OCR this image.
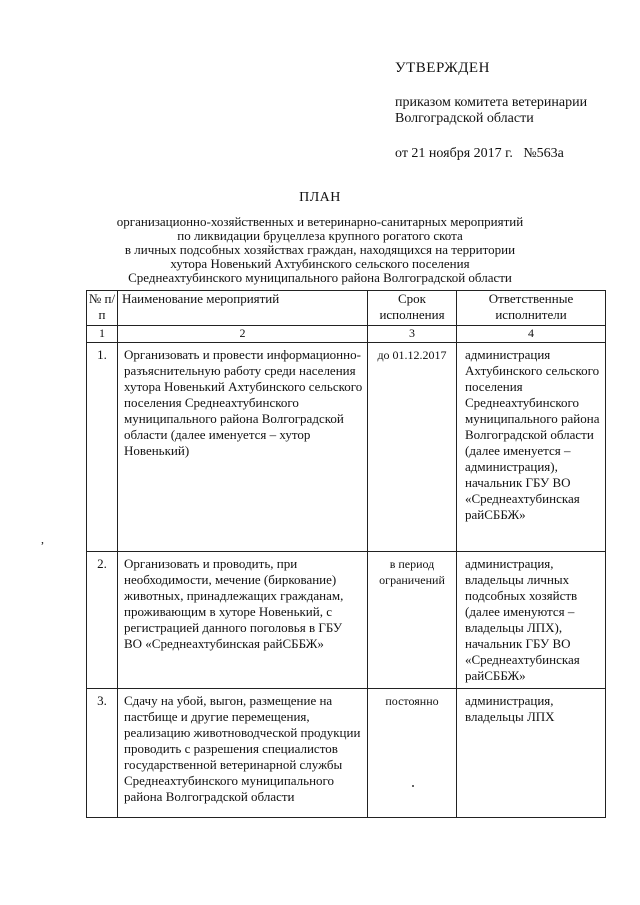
УТВЕРЖДЕН
приказом комитета ветеринарии
Волгоградской области
от 21 ноября 2017 г.   №563а
ПЛАН
организационно-хозяйственных и ветеринарно-санитарных мероприятий
по ликвидации бруцеллеза крупного рогатого скота
в личных подсобных хозяйствах граждан, находящихся на территории
хутора Новенький Ахтубинского сельского поселения
Среднеахтубинского муниципального района Волгоградской области
,
№ п/п	Наименование мероприятий	Срок исполнения	Ответственные исполнители
1	2	3	4

1.	Организовать и провести информационно-разъяснительную работу среди населения хутора Новенький Ахтубинского сельского поселения Среднеахтубинского муниципального района Волгоградской области (далее именуется – хутор Новенький)	до 01.12.2017	администрация Ахтубинского сельского поселения Среднеахтубинского муниципального района Волгоградской области (далее именуется – администрация), начальник ГБУ ВО «Среднеахтубинская райСББЖ»

2.	Организовать и проводить, при необходимости, мечение (биркование) животных, принадлежащих гражданам, проживающим в хуторе Новенький, с регистрацией данного поголовья в ГБУ ВО «Среднеахтубинская райСББЖ»	в период ограничений	администрация, владельцы личных подсобных хозяйств (далее именуются – владельцы ЛПХ), начальник ГБУ ВО «Среднеахтубинская райСББЖ»

3.	Сдачу на убой, выгон, размещение на пастбище и другие перемещения, реализацию животноводческой продукции проводить с разрешения специалистов государственной ветеринарной службы Среднеахтубинского муниципального района Волгоградской области	постоянно	администрация, владельцы ЛПХ
